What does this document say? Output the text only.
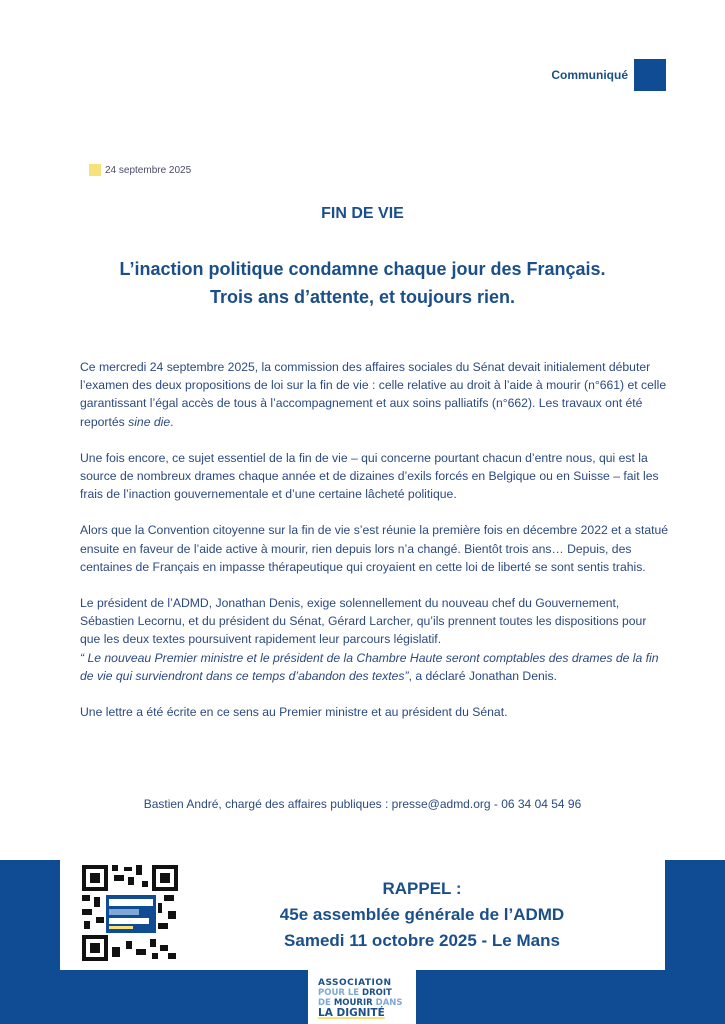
Communiqué
24 septembre 2025
FIN DE VIE
L’inaction politique condamne chaque jour des Français.
Trois ans d’attente, et toujours rien.

Ce mercredi 24 septembre 2025, la commission des affaires sociales du Sénat devait initialement débuter l’examen des deux propositions de loi sur la fin de vie : celle relative au droit à l’aide à mourir (n°661) et celle garantissant l’égal accès de tous à l’accompagnement et aux soins palliatifs (n°662). Les travaux ont été reportés sine die.

Une fois encore, ce sujet essentiel de la fin de vie – qui concerne pourtant chacun d’entre nous, qui est la source de nombreux drames chaque année et de dizaines d’exils forcés en Belgique ou en Suisse – fait les frais de l’inaction gouvernementale et d’une certaine lâcheté politique.

Alors que la Convention citoyenne sur la fin de vie s’est réunie la première fois en décembre 2022 et a statué ensuite en faveur de l’aide active à mourir, rien depuis lors n’a changé. Bientôt trois ans… Depuis, des centaines de Français en impasse thérapeutique qui croyaient en cette loi de liberté se sont sentis trahis.

Le président de l’ADMD, Jonathan Denis, exige solennellement du nouveau chef du Gouvernement, Sébastien Lecornu, et du président du Sénat, Gérard Larcher, qu’ils prennent toutes les dispositions pour que les deux textes poursuivent rapidement leur parcours législatif.
“ Le nouveau Premier ministre et le président de la Chambre Haute seront comptables des drames de la fin de vie qui surviendront dans ce temps d’abandon des textes”, a déclaré Jonathan Denis.

Une lettre a été écrite en ce sens au Premier ministre et au président du Sénat.

Bastien André, chargé des affaires publiques : presse@admd.org - 06 34 04 54 96
RAPPEL :
45e assemblée générale de l’ADMD
Samedi 11 octobre 2025 - Le Mans
ASSOCIATION
POUR LE DROIT
DE MOURIR DANS
LA DIGNITÉ
